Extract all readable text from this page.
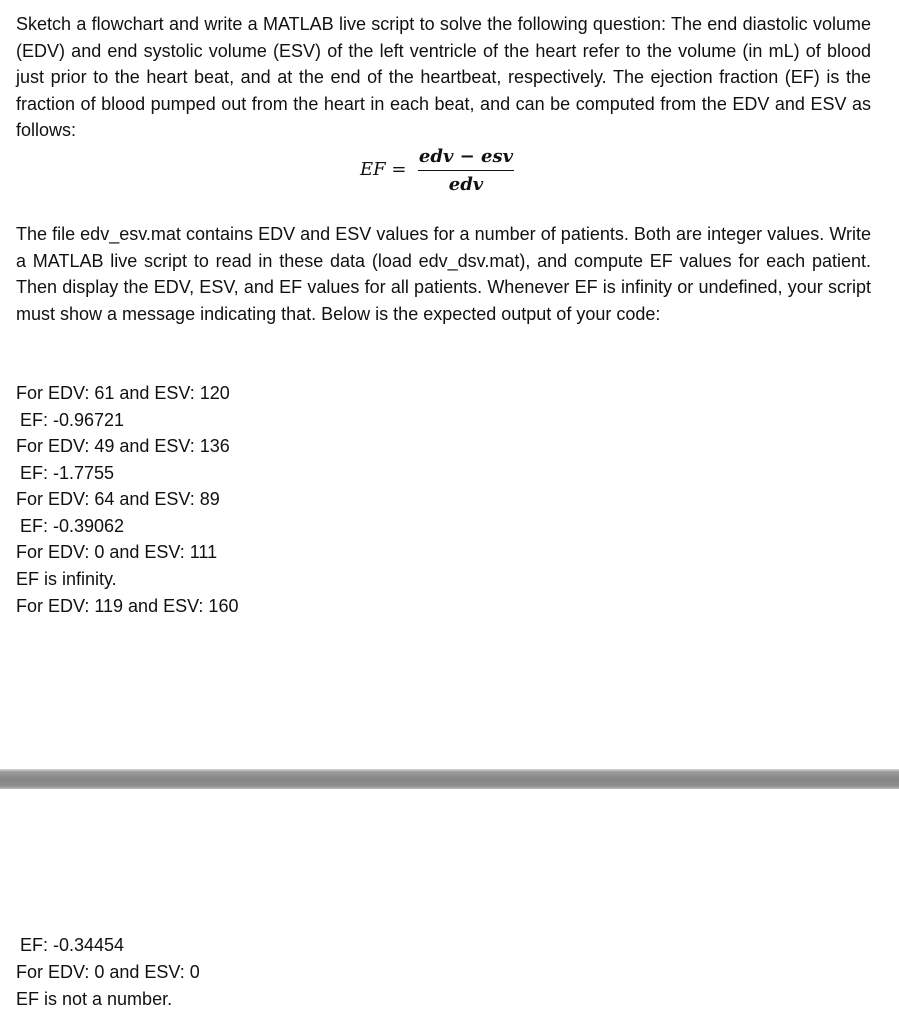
Sketch a flowchart and write a MATLAB live script to solve the following question: The end diastolic volume (EDV) and end systolic volume (ESV) of the left ventricle of the heart refer to the volume (in mL) of blood just prior to the heart beat, and at the end of the heartbeat, respectively. The ejection fraction (EF) is the fraction of blood pumped out from the heart in each beat, and can be computed from the EDV and ESV as follows:

EF =
edv − esv
edv

The file edv_esv.mat contains EDV and ESV values for a number of patients. Both are integer values. Write a MATLAB live script to read in these data (load edv_dsv.mat), and compute EF values for each patient. Then display the EDV, ESV, and EF values for all patients. Whenever EF is infinity or undefined, your script must show a message indicating that. Below is the expected output of your code:

For EDV: 61 and ESV: 120
EF: -0.96721
For EDV: 49 and ESV: 136
EF: -1.7755
For EDV: 64 and ESV: 89
EF: -0.39062
For EDV: 0 and ESV: 111
EF is infinity.
For EDV: 119 and ESV: 160
EF: -0.34454
For EDV: 0 and ESV: 0
EF is not a number.
